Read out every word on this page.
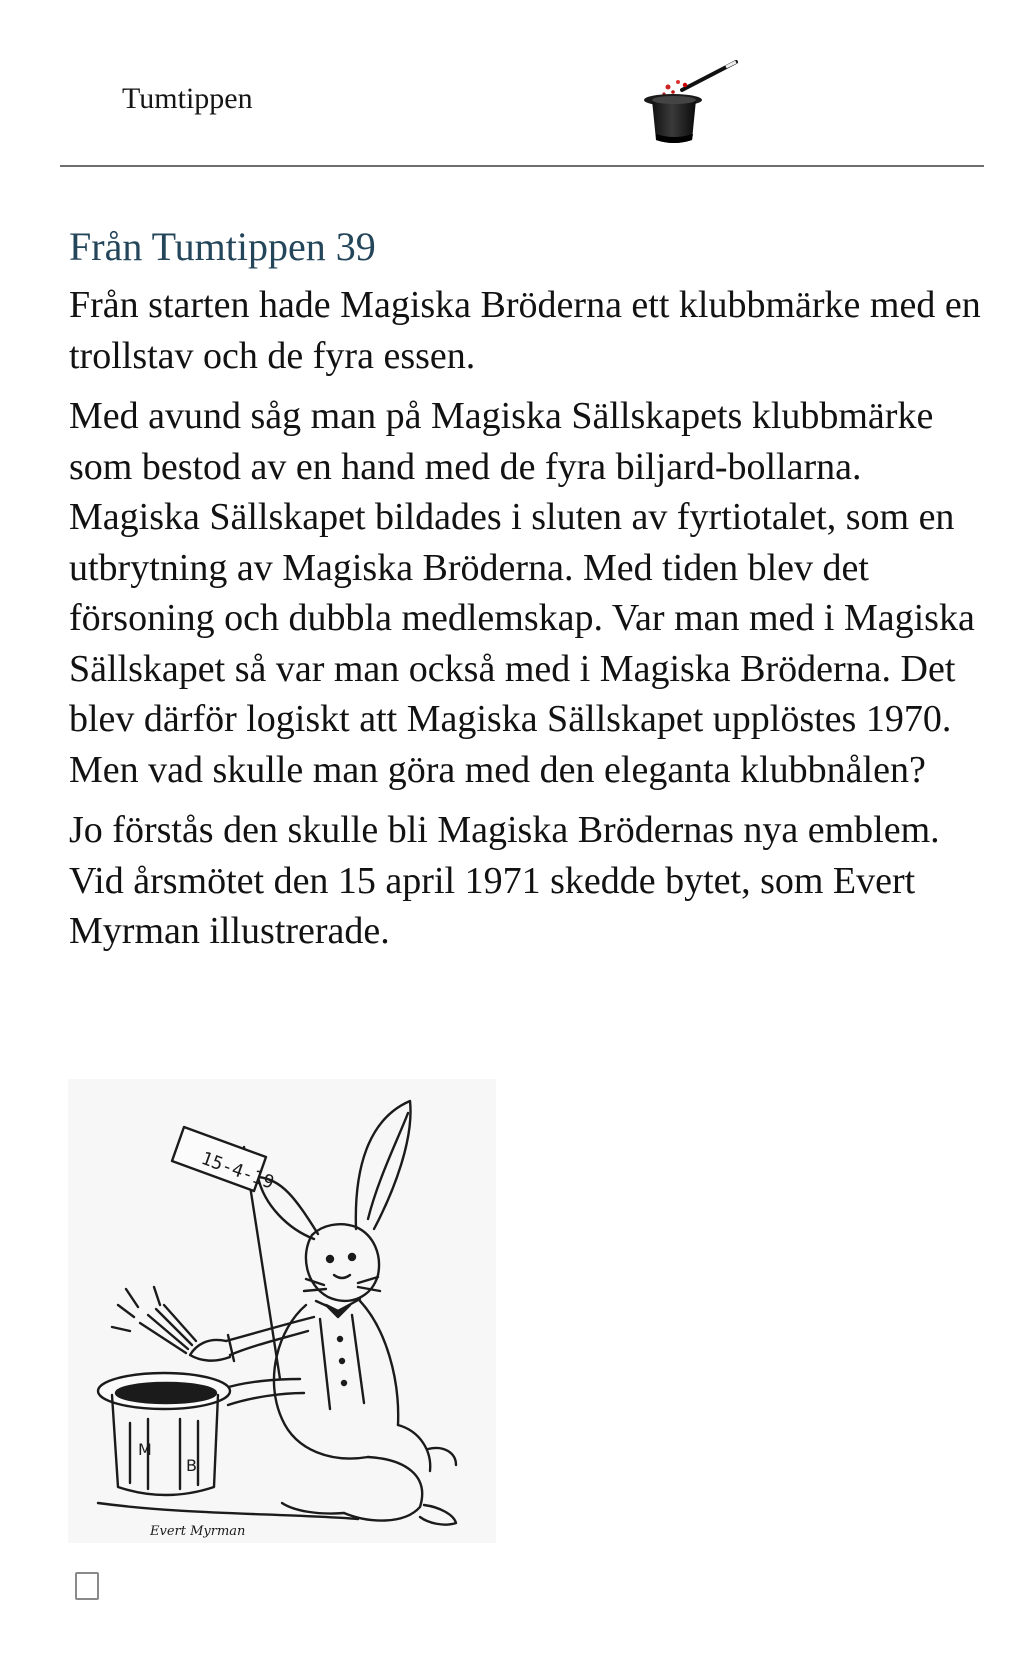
Tumtippen
Från Tumtippen 39

Från starten hade Magiska Bröderna ett klubbmärke med en trollstav och de fyra essen.

Med avund såg man på Magiska Sällskapets klubbmärke som bestod av en hand med de fyra biljard-bollarna. Magiska Sällskapet bildades i sluten av fyrtiotalet, som en utbrytning av Magiska Bröderna. Med tiden blev det försoning och dubbla medlemskap. Var man med i Magiska Sällskapet så var man också med i Magiska Bröderna. Det blev därför logiskt att Magiska Sällskapet upplöstes 1970. Men vad skulle man göra med den eleganta klubbnålen?

Jo förstås den skulle bli Magiska Brödernas nya emblem. Vid årsmötet den 15 april 1971 skedde bytet, som Evert Myrman illustrerade.

15-4-19
M
B
Evert Myrman
